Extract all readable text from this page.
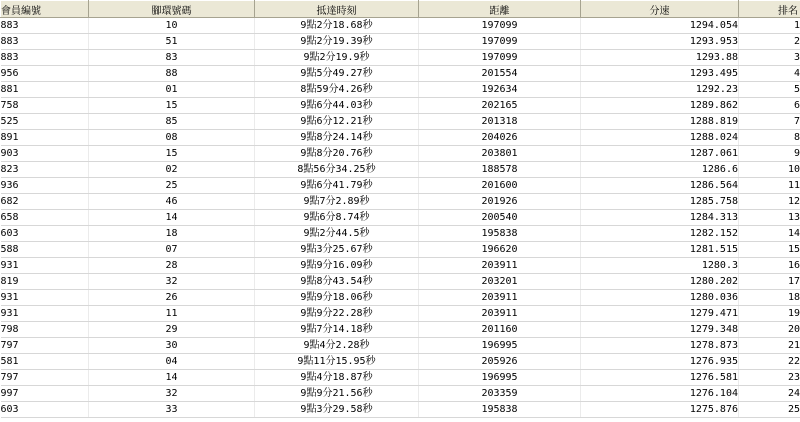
會員編號	腳環號碼	抵達時刻	距離	分速	排名
883	10	9點2分18.68秒	197099	1294.054	1
883	51	9點2分19.39秒	197099	1293.953	2
883	83	9點2分19.9秒	197099	1293.88	3
956	88	9點5分49.27秒	201554	1293.495	4
881	01	8點59分4.26秒	192634	1292.23	5
758	15	9點6分44.03秒	202165	1289.862	6
525	85	9點6分12.21秒	201318	1288.819	7
891	08	9點8分24.14秒	204026	1288.024	8
903	15	9點8分20.76秒	203801	1287.061	9
823	02	8點56分34.25秒	188578	1286.6	10
936	25	9點6分41.79秒	201600	1286.564	11
682	46	9點7分2.89秒	201926	1285.758	12
658	14	9點6分8.74秒	200540	1284.313	13
603	18	9點2分44.5秒	195838	1282.152	14
588	07	9點3分25.67秒	196620	1281.515	15
931	28	9點9分16.09秒	203911	1280.3	16
819	32	9點8分43.54秒	203201	1280.202	17
931	26	9點9分18.06秒	203911	1280.036	18
931	11	9點9分22.28秒	203911	1279.471	19
798	29	9點7分14.18秒	201160	1279.348	20
797	30	9點4分2.28秒	196995	1278.873	21
581	04	9點11分15.95秒	205926	1276.935	22
797	14	9點4分18.87秒	196995	1276.581	23
997	32	9點9分21.56秒	203359	1276.104	24
603	33	9點3分29.58秒	195838	1275.876	25
